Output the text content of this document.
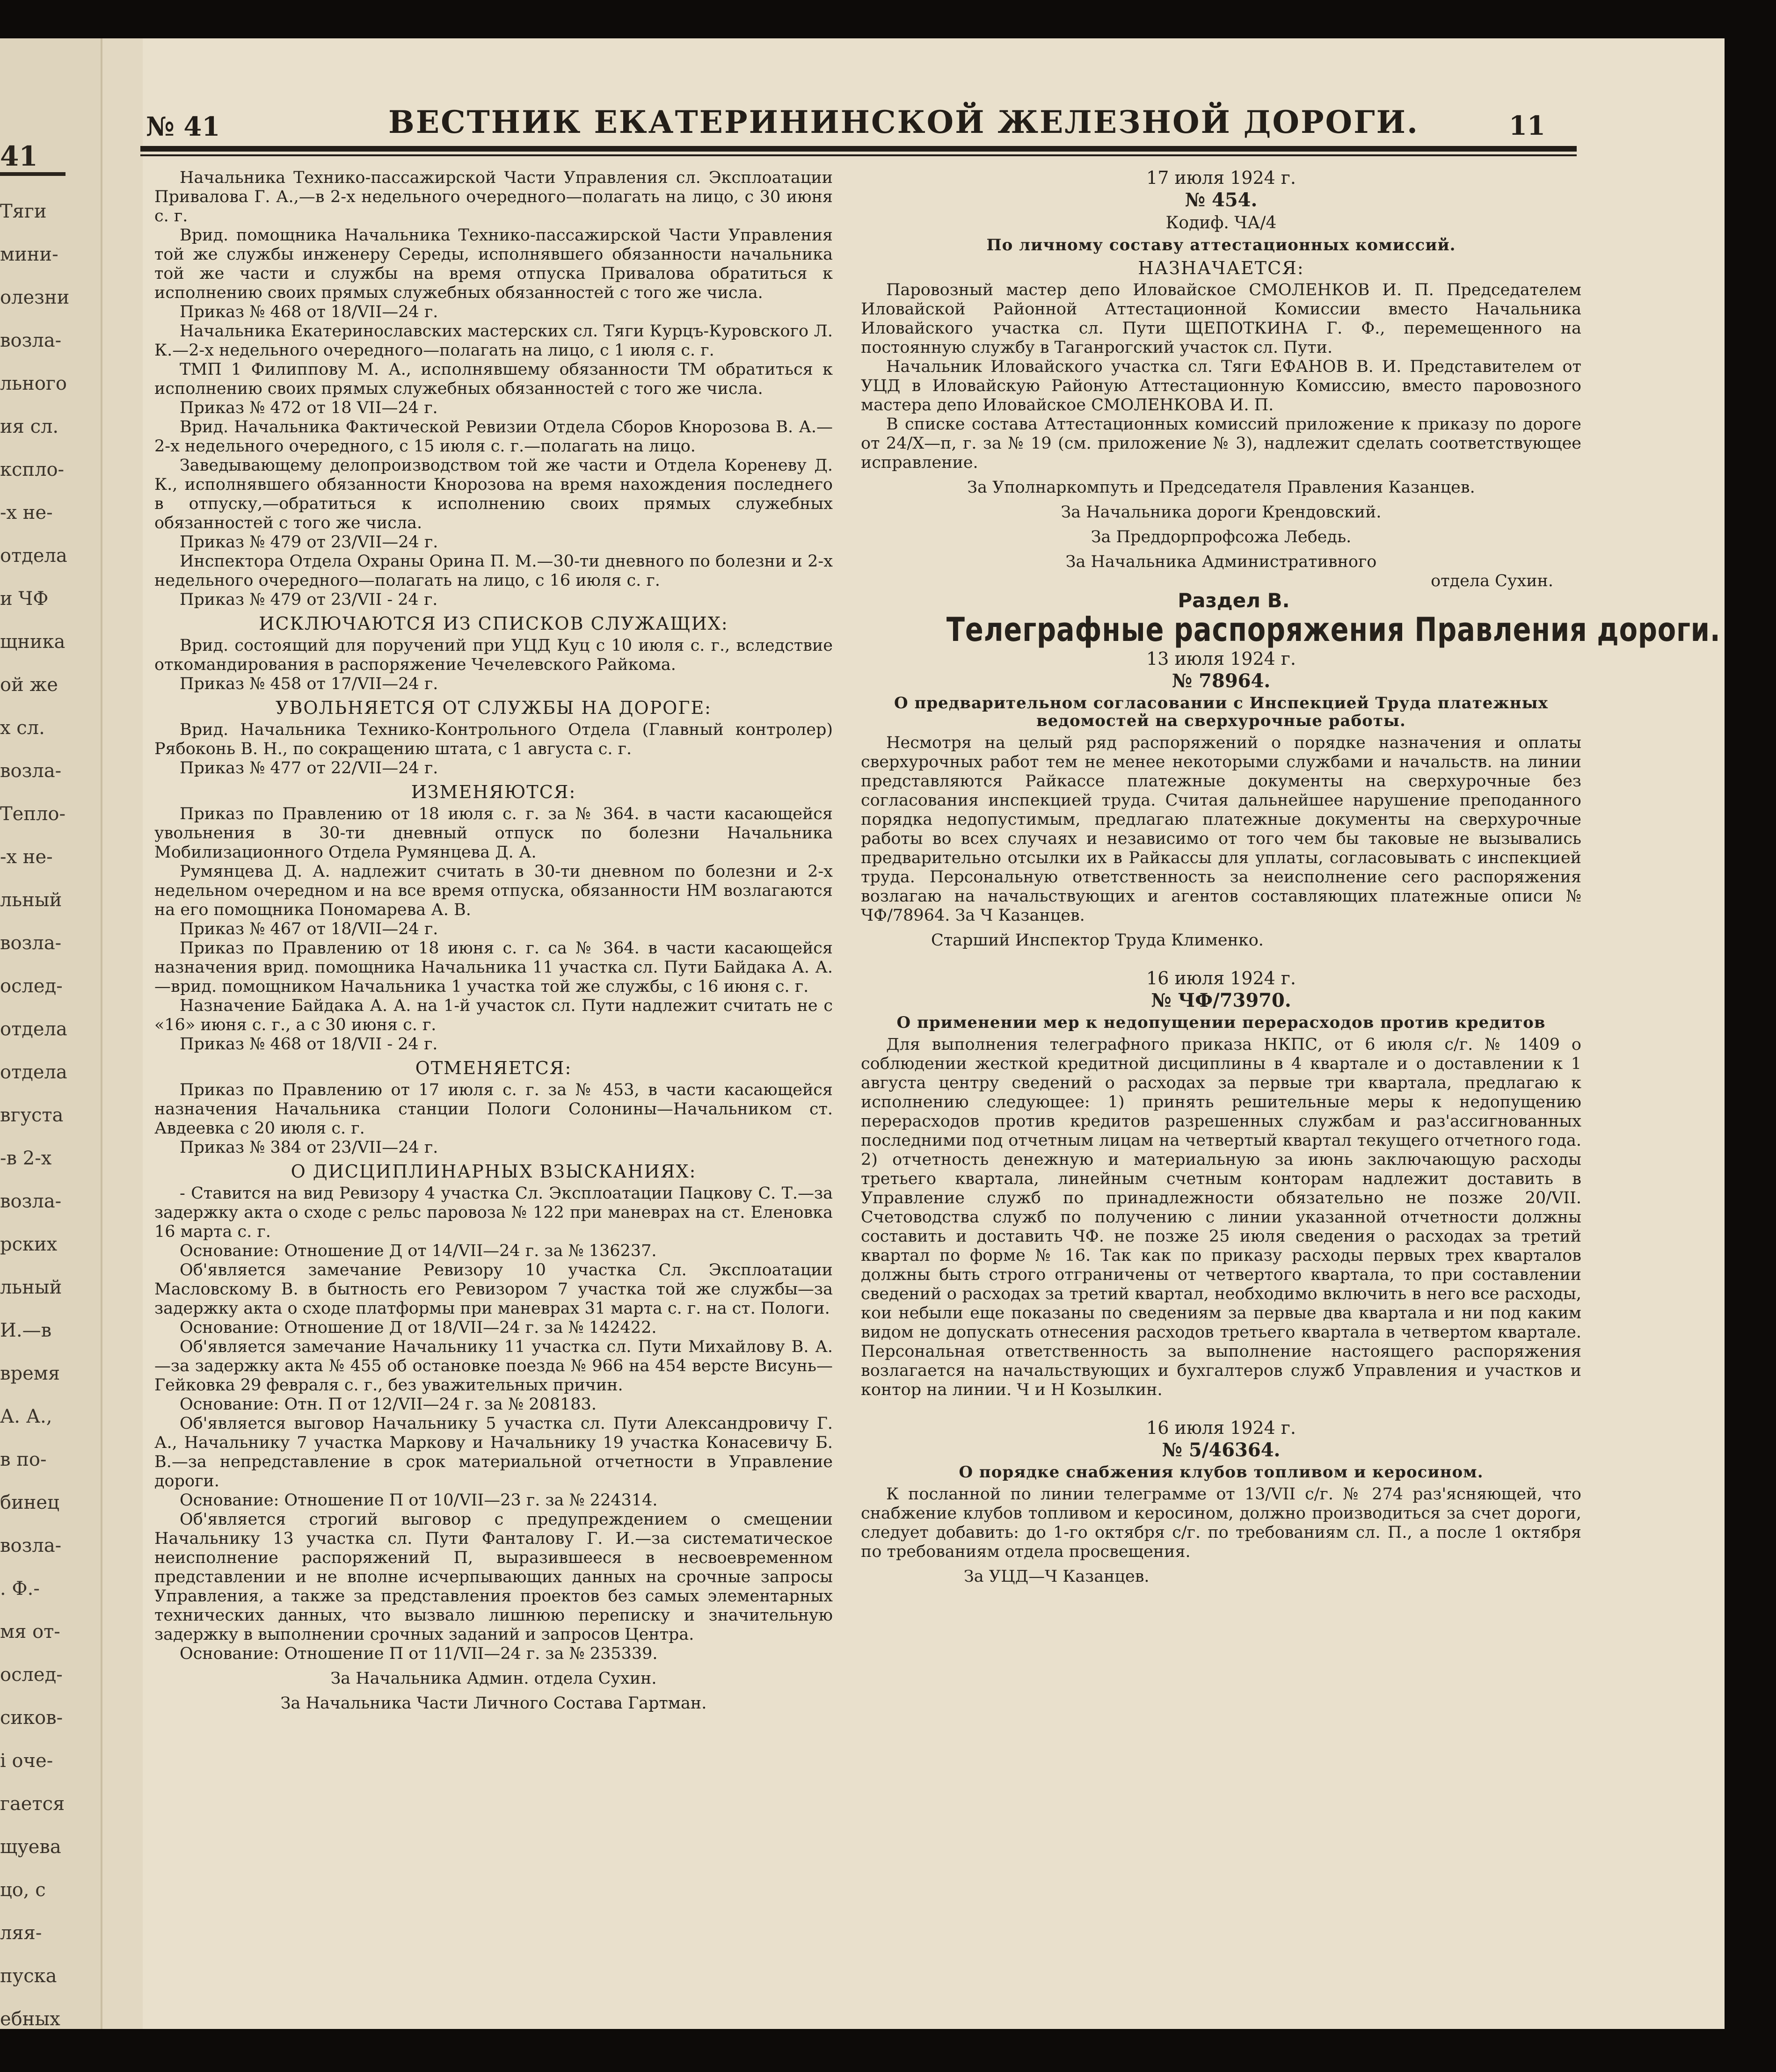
41
Тяги
мини-
олезни
возла-
льного
ия сл.
ксплo-
-х не-
отдела
и ЧФ
щника
ой же
х сл.
возла-
Тепло-
-х не-
льный
возла-
ослед-
отдела
отдела
вгуста
-в 2-х
возла-
рских
льный
И.—в
время
А. А.,
в по-
бинец
возла-
. Ф.-
мя от-
ослед-
сиков-
і оче-
гается
щуева
цо, с
ляя-
пуска
ебных
№ 41	ВЕСТНИК ЕКАТЕРИНИНСКОЙ ЖЕЛЕЗНОЙ ДОРОГИ.	11

Начальника Технико-пассажирской Части Управления сл. Эксплоатации Привалова Г. А.,—в 2-х недельного очередного—полагать на лицо, с 30 июня с. г.

Врид. помощника Начальника Технико-пассажирской Части Управления той же службы инженеру Середы, исполнявшего обязанности начальника той же части и службы на время отпуска Привалова обратиться к исполнению своих прямых служебных обязанностей с того же числа.

Приказ № 468 от 18/VII—24 г.

Начальника Екатеринославских мастерских сл. Тяги Курцъ-Куровского Л. К.—2-х недельного очередного—полагать на лицо, с 1 июля с. г.

ТМП 1 Филиппову М. А., исполнявшему обязанности ТМ обратиться к исполнению своих прямых служебных обязанностей с того же числа.

Приказ № 472 от 18 VII—24 г.

Врид. Начальника Фактической Ревизии Отдела Сборов Кнорозова В. А.—2-х недельного очередного, с 15 июля с. г.—полагать на лицо.

Заведывающему делопроизводством той же части и Отдела Кореневу Д. К., исполнявшего обязанности Кнорозова на время нахождения последнего в отпуску,—обратиться к исполнению своих прямых служебных обязанностей с того же числа.

Приказ № 479 от 23/VII—24 г.

Инспектора Отдела Охраны Орина П. М.—30-ти дневного по болезни и 2-х недельного очередного—полагать на лицо, с 16 июля с. г.

Приказ № 479 от 23/VII - 24 г.

ИСКЛЮЧАЮТСЯ ИЗ СПИСКОВ СЛУЖАЩИХ:

Врид. состоящий для поручений при УЦД Куц с 10 июля с. г., вследствие откомандирования в распоряжение Чечелевского Райкома.

Приказ № 458 от 17/VII—24 г.

УВОЛЬНЯЕТСЯ ОТ СЛУЖБЫ НА ДОРОГЕ:

Врид. Начальника Технико-Контрольного Отдела (Главный контролер) Рябоконь В. Н., по сокращению штата, с 1 августа с. г.

Приказ № 477 от 22/VII—24 г.

ИЗМЕНЯЮТСЯ:

Приказ по Правлению от 18 июля с. г. за № 364. в части касающейся увольнения в 30-ти дневный отпуск по болезни Начальника Мобилизационного Отдела Румянцева Д. А.

Румянцева Д. А. надлежит считать в 30-ти дневном по болезни и 2-х недельном очередном и на все время отпуска, обязанности НМ возлагаются на его помощника Пономарева А. В.

Приказ № 467 от 18/VII—24 г.

Приказ по Правлению от 18 июня с. г. са № 364. в части касающейся назначения врид. помощника Начальника 11 участка сл. Пути Байдака А. А.—врид. помощником Начальника 1 участка той же службы, с 16 июня с. г.

Назначение Байдака А. А. на 1-й участок сл. Пути надлежит считать не с «16» июня с. г., а с 30 июня с. г.

Приказ № 468 от 18/VII - 24 г.

ОТМЕНЯЕТСЯ:

Приказ по Правлению от 17 июля с. г. за № 453, в части касающейся назначения Начальника станции Пологи Солонины—Начальником ст. Авдеевка с 20 июля с. г.

Приказ № 384 от 23/VII—24 г.

О ДИСЦИПЛИНАРНЫХ ВЗЫСКАНИЯХ:

- Ставится на вид Ревизору 4 участка Сл. Эксплоатации Пацкову С. Т.—за задержку акта о сходе с рельс паровоза № 122 при маневрах на ст. Еленовка 16 марта с. г.

Основание: Отношение Д от 14/VII—24 г. за № 136237.

Об'является замечание Ревизору 10 участка Сл. Эксплоатации Масловскому В. в бытность его Ревизором 7 участка той же службы—за задержку акта о сходе платформы при маневрах 31 марта с. г. на ст. Пологи.

Основание: Отношение Д от 18/VII—24 г. за № 142422.

Об'является замечание Начальнику 11 участка сл. Пути Михайлову В. А.—за задержку акта № 455 об остановке поезда № 966 на 454 версте Висунь—Гейковка 29 февраля с. г., без уважительных причин.

Основание: Отн. П от 12/VII—24 г. за № 208183.

Об'является выговор Начальнику 5 участка сл. Пути Александровичу Г. А., Начальнику 7 участка Маркову и Начальнику 19 участка Конасевичу Б. В.—за непредставление в срок материальной отчетности в Управление дороги.

Основание: Отношение П от 10/VII—23 г. за № 224314.

Об'является строгий выговор с предупреждением о смещении Начальнику 13 участка сл. Пути Фанталову Г. И.—за систематическое неисполнение распоряжений П, выразившееся в несвоевременном представлении и не вполне исчерпывающих данных на срочные запросы Управления, а также за представления проектов без самых элементарных технических данных, что вызвало лишнюю переписку и значительную задержку в выполнении срочных заданий и запросов Центра.

Основание: Отношение П от 11/VII—24 г. за № 235339.

За Начальника Админ. отдела Сухин.

За Начальника Части Личного Состава Гартман.

17 июля 1924 г.

№ 454.

Кодиф. ЧА/4

По личному составу аттестационных комиссий.

НАЗНАЧАЕТСЯ:

Паровозный мастер депо Иловайское СМОЛЕНКОВ И. П. Председателем Иловайской Районной Аттестационной Комиссии вместо Начальника Иловайского участка сл. Пути ЩЕПОТКИНА Г. Ф., перемещенного на постоянную службу в Таганрогский участок сл. Пути.

Начальник Иловайского участка сл. Тяги ЕФАНОВ В. И. Представителем от УЦД в Иловайскую Районую Аттестационную Комиссию, вместо паровозного мастера депо Иловайское СМОЛЕНКОВА И. П.

В списке состава Аттестационных комиссий приложение к приказу по дороге от 24/Х—п, г. за № 19 (см. приложение № 3), надлежит сделать соответствующее исправление.

За Уполнаркомпуть и Председателя Правления Казанцев.

За Начальника дороги Крендовский.

За Преддорпрофсожа Лебедь.

За Начальника Административного

отдела Сухин.

Раздел В.

Телеграфные распоряжения Правления дороги.

13 июля 1924 г.

№ 78964.

О предварительном согласовании с Инспекцией Труда платежных ведомостей на сверхурочные работы.

Несмотря на целый ряд распоряжений о порядке назначения и оплаты сверхурочных работ тем не менее некоторыми службами и начальств. на линии представляются Райкассе платежные документы на сверхурочные без согласования инспекцией труда. Считая дальнейшее нарушение преподанного порядка недопустимым, предлагаю платежные документы на сверхурочные работы во всех случаях и независимо от того чем бы таковые не вызывались предварительно отсылки их в Райкассы для уплаты, согласовывать с инспекцией труда. Персональную ответственность за неисполнение сего распоряжения возлагаю на начальствующих и агентов составляющих платежные описи № ЧФ/78964. За Ч Казанцев.

Старший Инспектор Труда Клименко.

16 июля 1924 г.

№ ЧФ/73970.

О применении мер к недопущении перерасходов против кредитов

Для выполнения телеграфного приказа НКПС, от 6 июля с/г. № 1409 о соблюдении жесткой кредитной дисциплины в 4 квартале и о доставлении к 1 августа центру сведений о расходах за первые три квартала, предлагаю к исполнению следующее: 1) принять решительные меры к недопущению перерасходов против кредитов разрешенных службам и раз'ассигнованных последними под отчетным лицам на четвертый квартал текущего отчетного года. 2) отчетность денежную и материальную за июнь заключающую расходы третьего квартала, линейным счетным конторам надлежит доставить в Управление служб по принадлежности обязательно не позже 20/VII. Счетоводства служб по получению с линии указанной отчетности должны составить и доставить ЧФ. не позже 25 июля сведения о расходах за третий квартал по форме № 16. Так как по приказу расходы первых трех кварталов должны быть строго отграничены от четвертого квартала, то при составлении сведений о расходах за третий квартал, необходимо включить в него все расходы, кои небыли еще показаны по сведениям за первые два квартала и ни под каким видом не допускать отнесения расходов третьего квартала в четвертом квартале. Персональная ответственность за выполнение настоящего распоряжения возлагается на начальствующих и бухгалтеров служб Управления и участков и контор на линии. Ч и Н Козылкин.

16 июля 1924 г.

№ 5/46364.

О порядке снабжения клубов топливом и керосином.

К посланной по линии телеграмме от 13/VII с/г. № 274 раз'ясняющей, что снабжение клубов топливом и керосином, должно производиться за счет дороги, следует добавить: до 1-го октября с/г. по требованиям сл. П., а после 1 октября по требованиям отдела просвещения.

За УЦД—Ч Казанцев.
